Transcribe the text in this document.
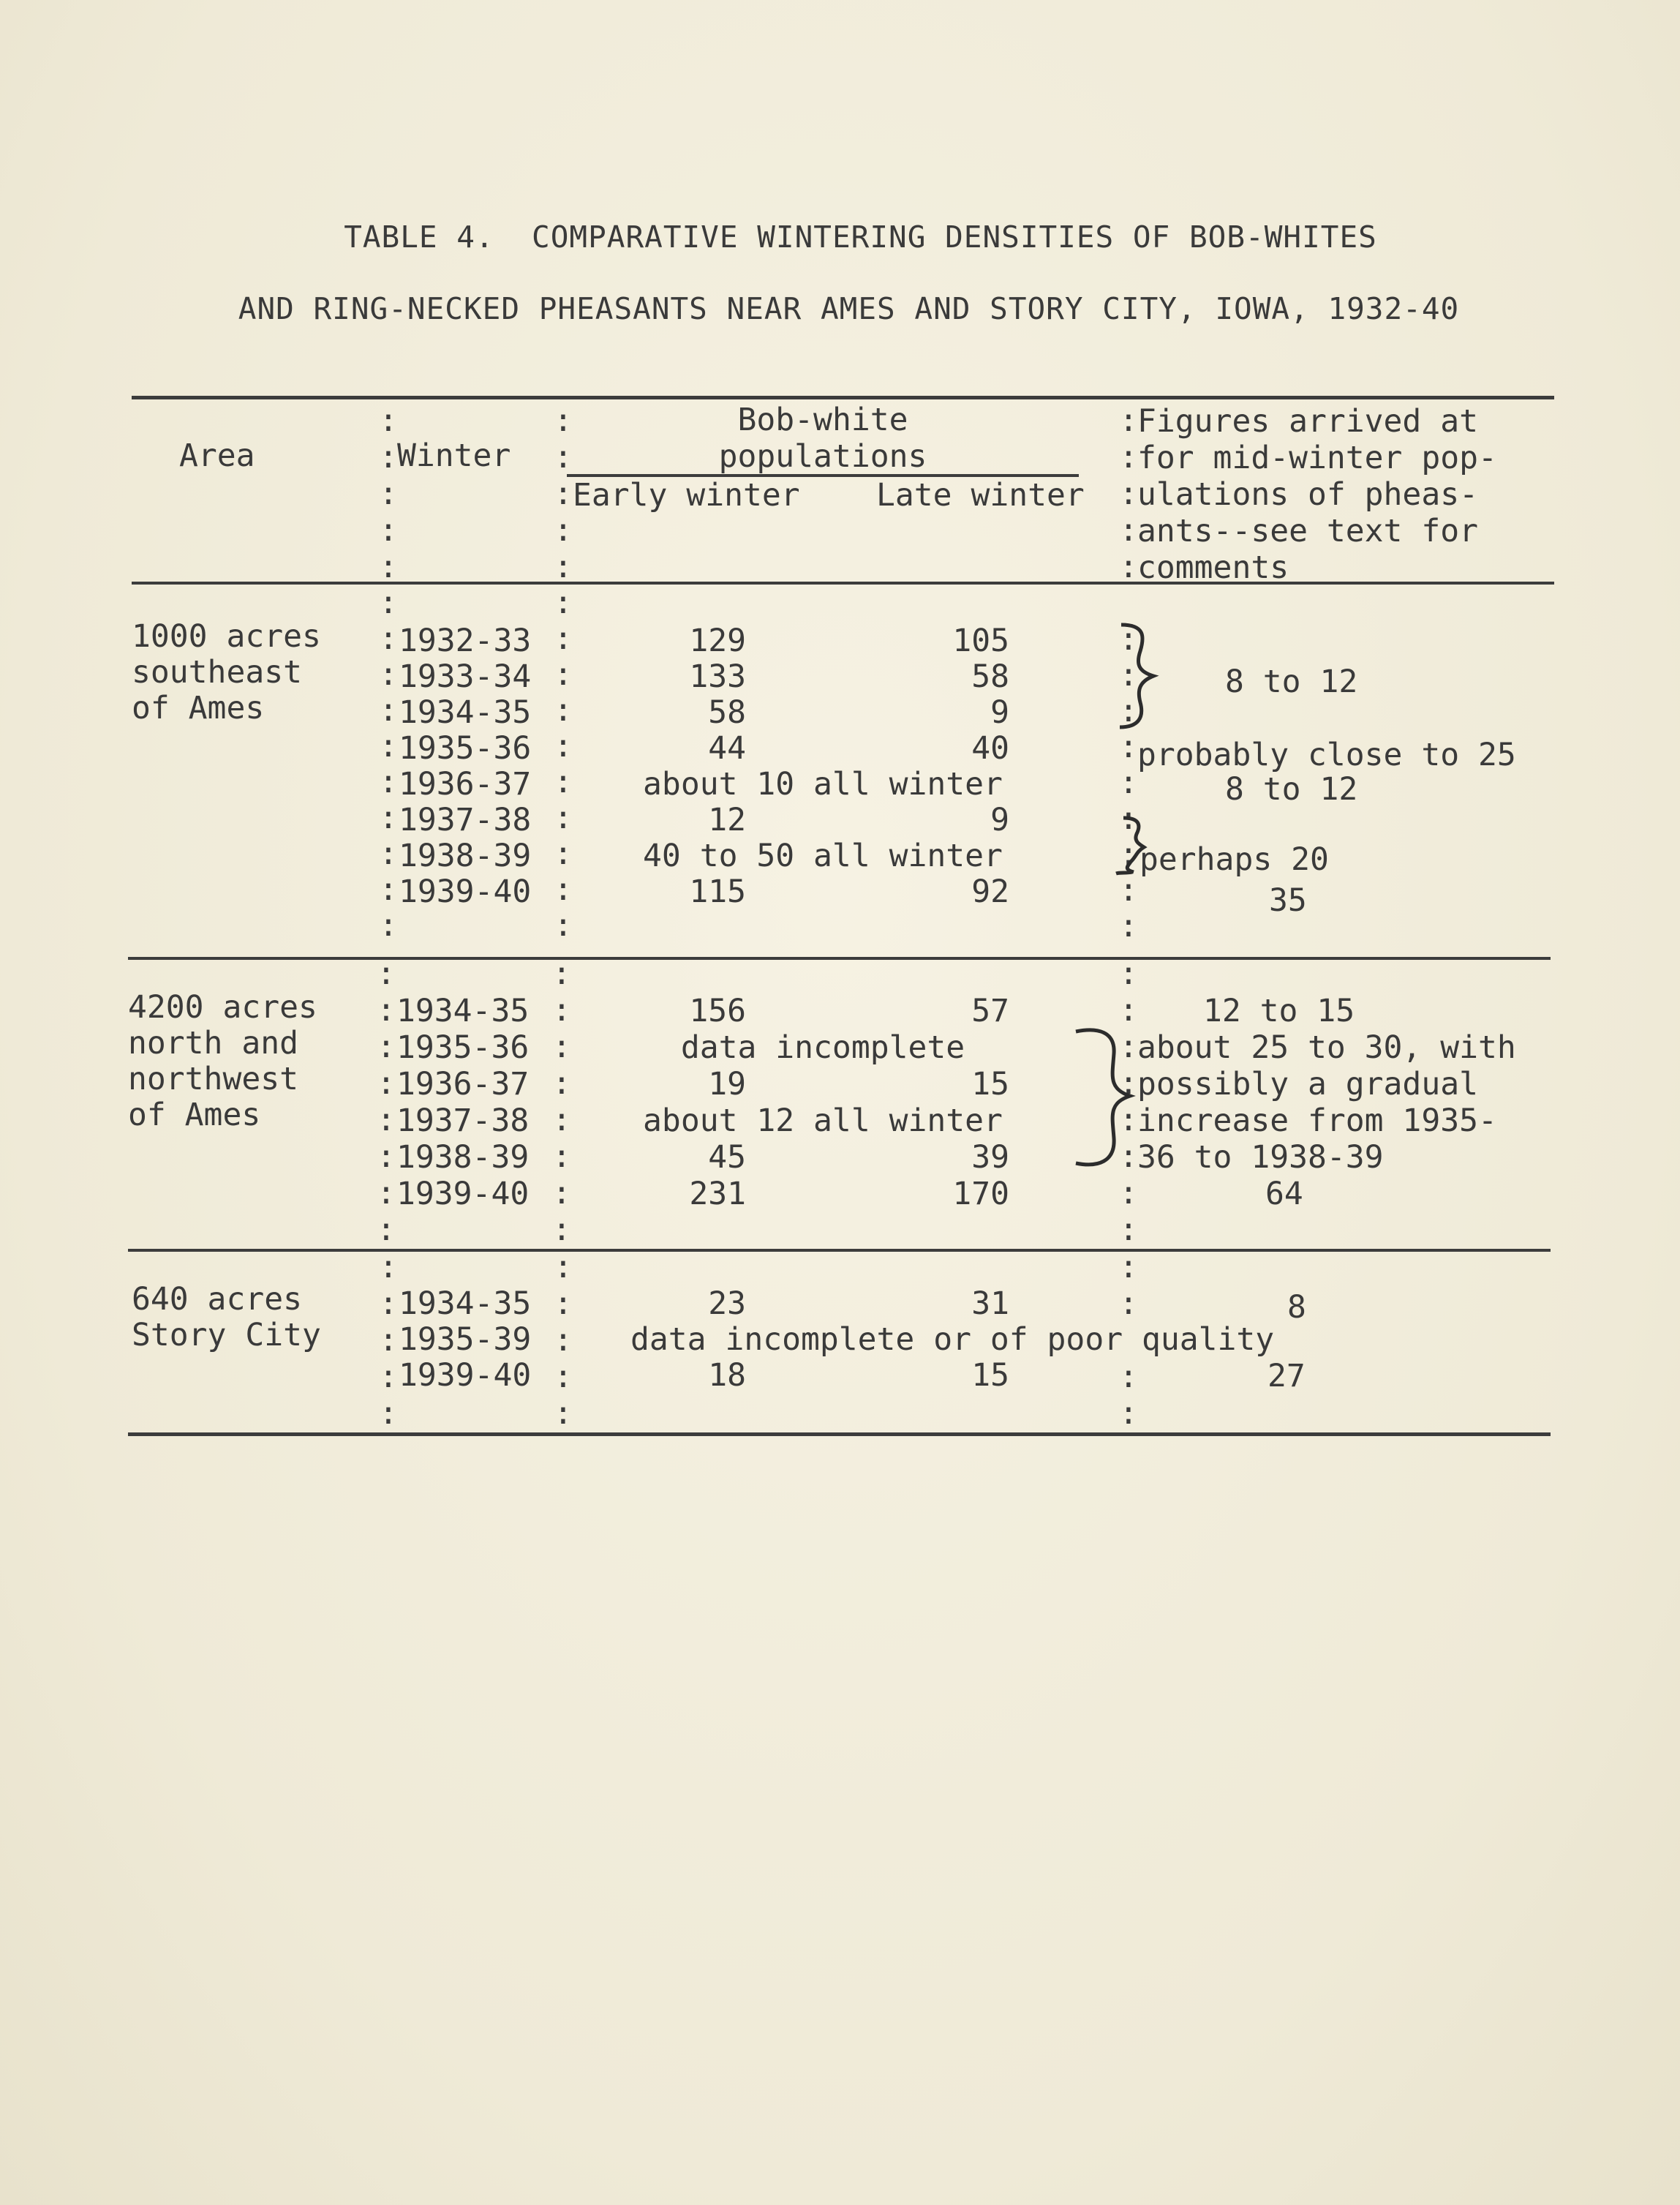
TABLE 4.  COMPARATIVE WINTERING DENSITIES OF BOB-WHITES
AND RING-NECKED PHEASANTS NEAR AMES AND STORY CITY, IOWA, 1932-40
Area	Winter
Bob-white
populations
Early winter Late winter
Figures arrived at
for mid-winter pop-
ulations of pheas-
ants--see text for
comments
:
:
:
:
:
:
:
:
:
:
:
:
:
:
:
1000 acres
southeast
of Ames
:
:
:
:
:
:
:
:
:
:
:
:
:
:
:
:
:
:
:
:
:
:
:
:
:
:
:
:
:
1932-33
1933-34
1934-35
1935-36
1936-37
1937-38
1938-39
1939-40
129
133
58
44
about 10 all winter
12
40 to 50 all winter
115
105
58
9
40
9
92
8 to 12
probably close to 25
8 to 12
perhaps 20
35
4200 acres
north and
northwest
of Ames
:
:
:
:
:
:
:
:
:
:
:
:
:
:
:
:
:
:
:
:
:
:
:
:
1934-35
1935-36
1936-37
1937-38
1938-39
1939-40
156
data incomplete
19
about 12 all winter
45
231
57
15
39
170
12 to 15
about 25 to 30, with
possibly a gradual
increase from 1935-
36 to 1938-39
64
640 acres
Story City
:
:
:
:
:
:
:
:
:
:
:
:

:
:
1934-35
1935-39
1939-40
23
data incomplete or of poor quality
18
31
15
8
27
